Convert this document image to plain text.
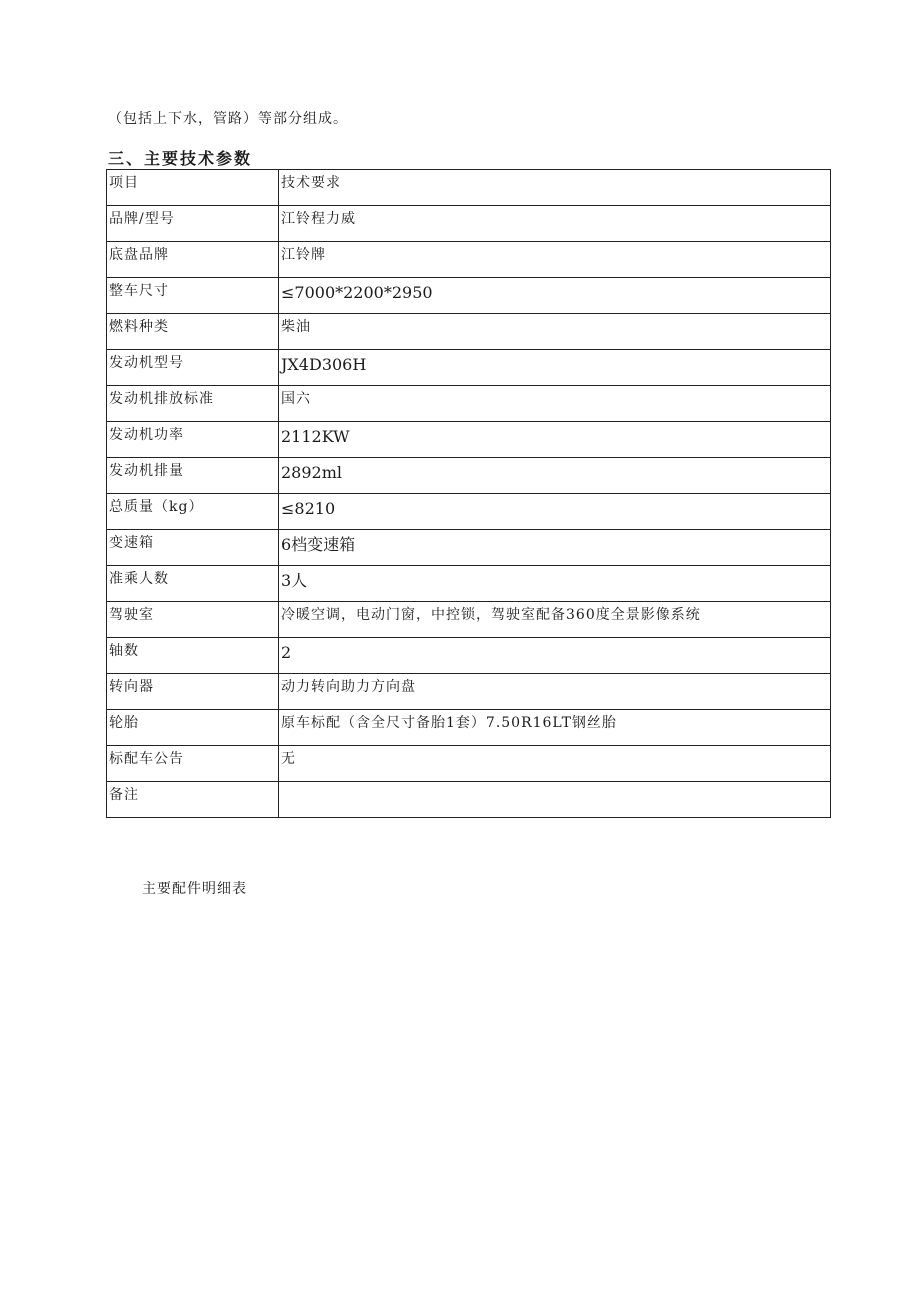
（包括上下水，管路）等部分组成。
三、主要技术参数
项目	技术要求
品牌/型号	江铃程力威
底盘品牌	江铃牌
整车尺寸	≤7000*2200*2950
燃料种类	柴油
发动机型号	JX4D306H
发动机排放标准	国六
发动机功率	2112KW
发动机排量	2892ml
总质量（kg）	≤8210
变速箱	6档变速箱
准乘人数	3人
驾驶室	冷暖空调，电动门窗，中控锁，驾驶室配备360度全景影像系统
轴数	2
转向器	动力转向助力方向盘
轮胎	原车标配（含全尺寸备胎1套）7.50R16LT钢丝胎
标配车公告	无
备注	
主要配件明细表
